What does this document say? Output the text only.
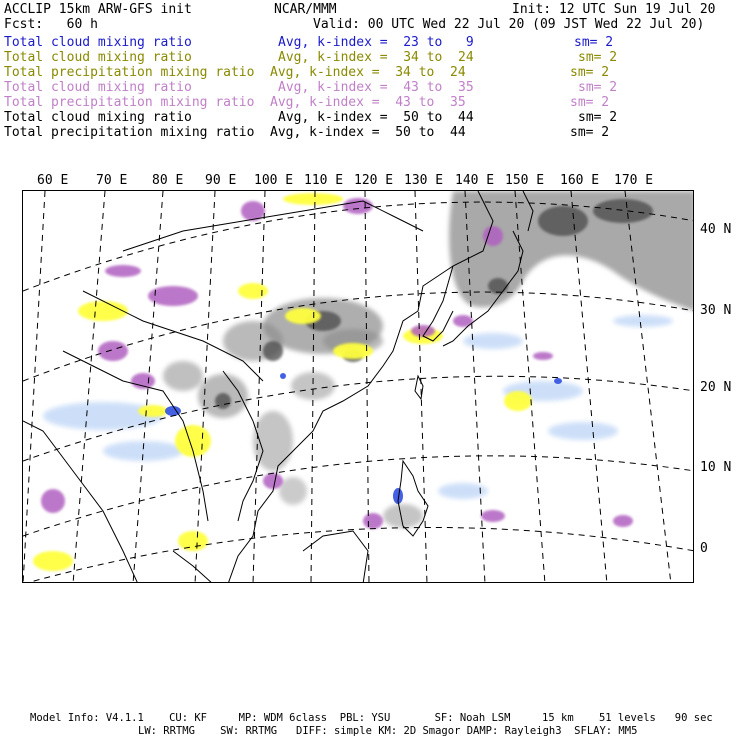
ACCLIP 15km ARW-GFS init	NCAR/MMM	Init: 12 UTC Sun 19 Jul 20
Fcst:   60 h	Valid: 00 UTC Wed 22 Jul 20 (09 JST Wed 22 Jul 20)
Total cloud mixing ratio	Avg, k-index =  23 to   9	sm= 2
Total cloud mixing ratio	Avg, k-index =  34 to  24	sm= 2
Total precipitation mixing ratio Avg, k-index =  34 to  24	sm= 2
Total cloud mixing ratio	Avg, k-index =  43 to  35	sm= 2
Total precipitation mixing ratio Avg, k-index =  43 to  35	sm= 2
Total cloud mixing ratio	Avg, k-index =  50 to  44	sm= 2
Total precipitation mixing ratio Avg, k-index =  50 to  44	sm= 2
60 E 70 E 80 E 90 E 100 E 110 E 120 E 130 E 140 E 150 E 160 E 170 E
40 N
30 N
20 N
10 N
0
Model Info: V4.1.1    CU: KF     MP: WDM 6class  PBL: YSU       SF: Noah LSM     15 km    51 levels   90 sec
LW: RRTMG    SW: RRTMG   DIFF: simple KM: 2D Smagor DAMP: Rayleigh3  SFLAY: MM5
